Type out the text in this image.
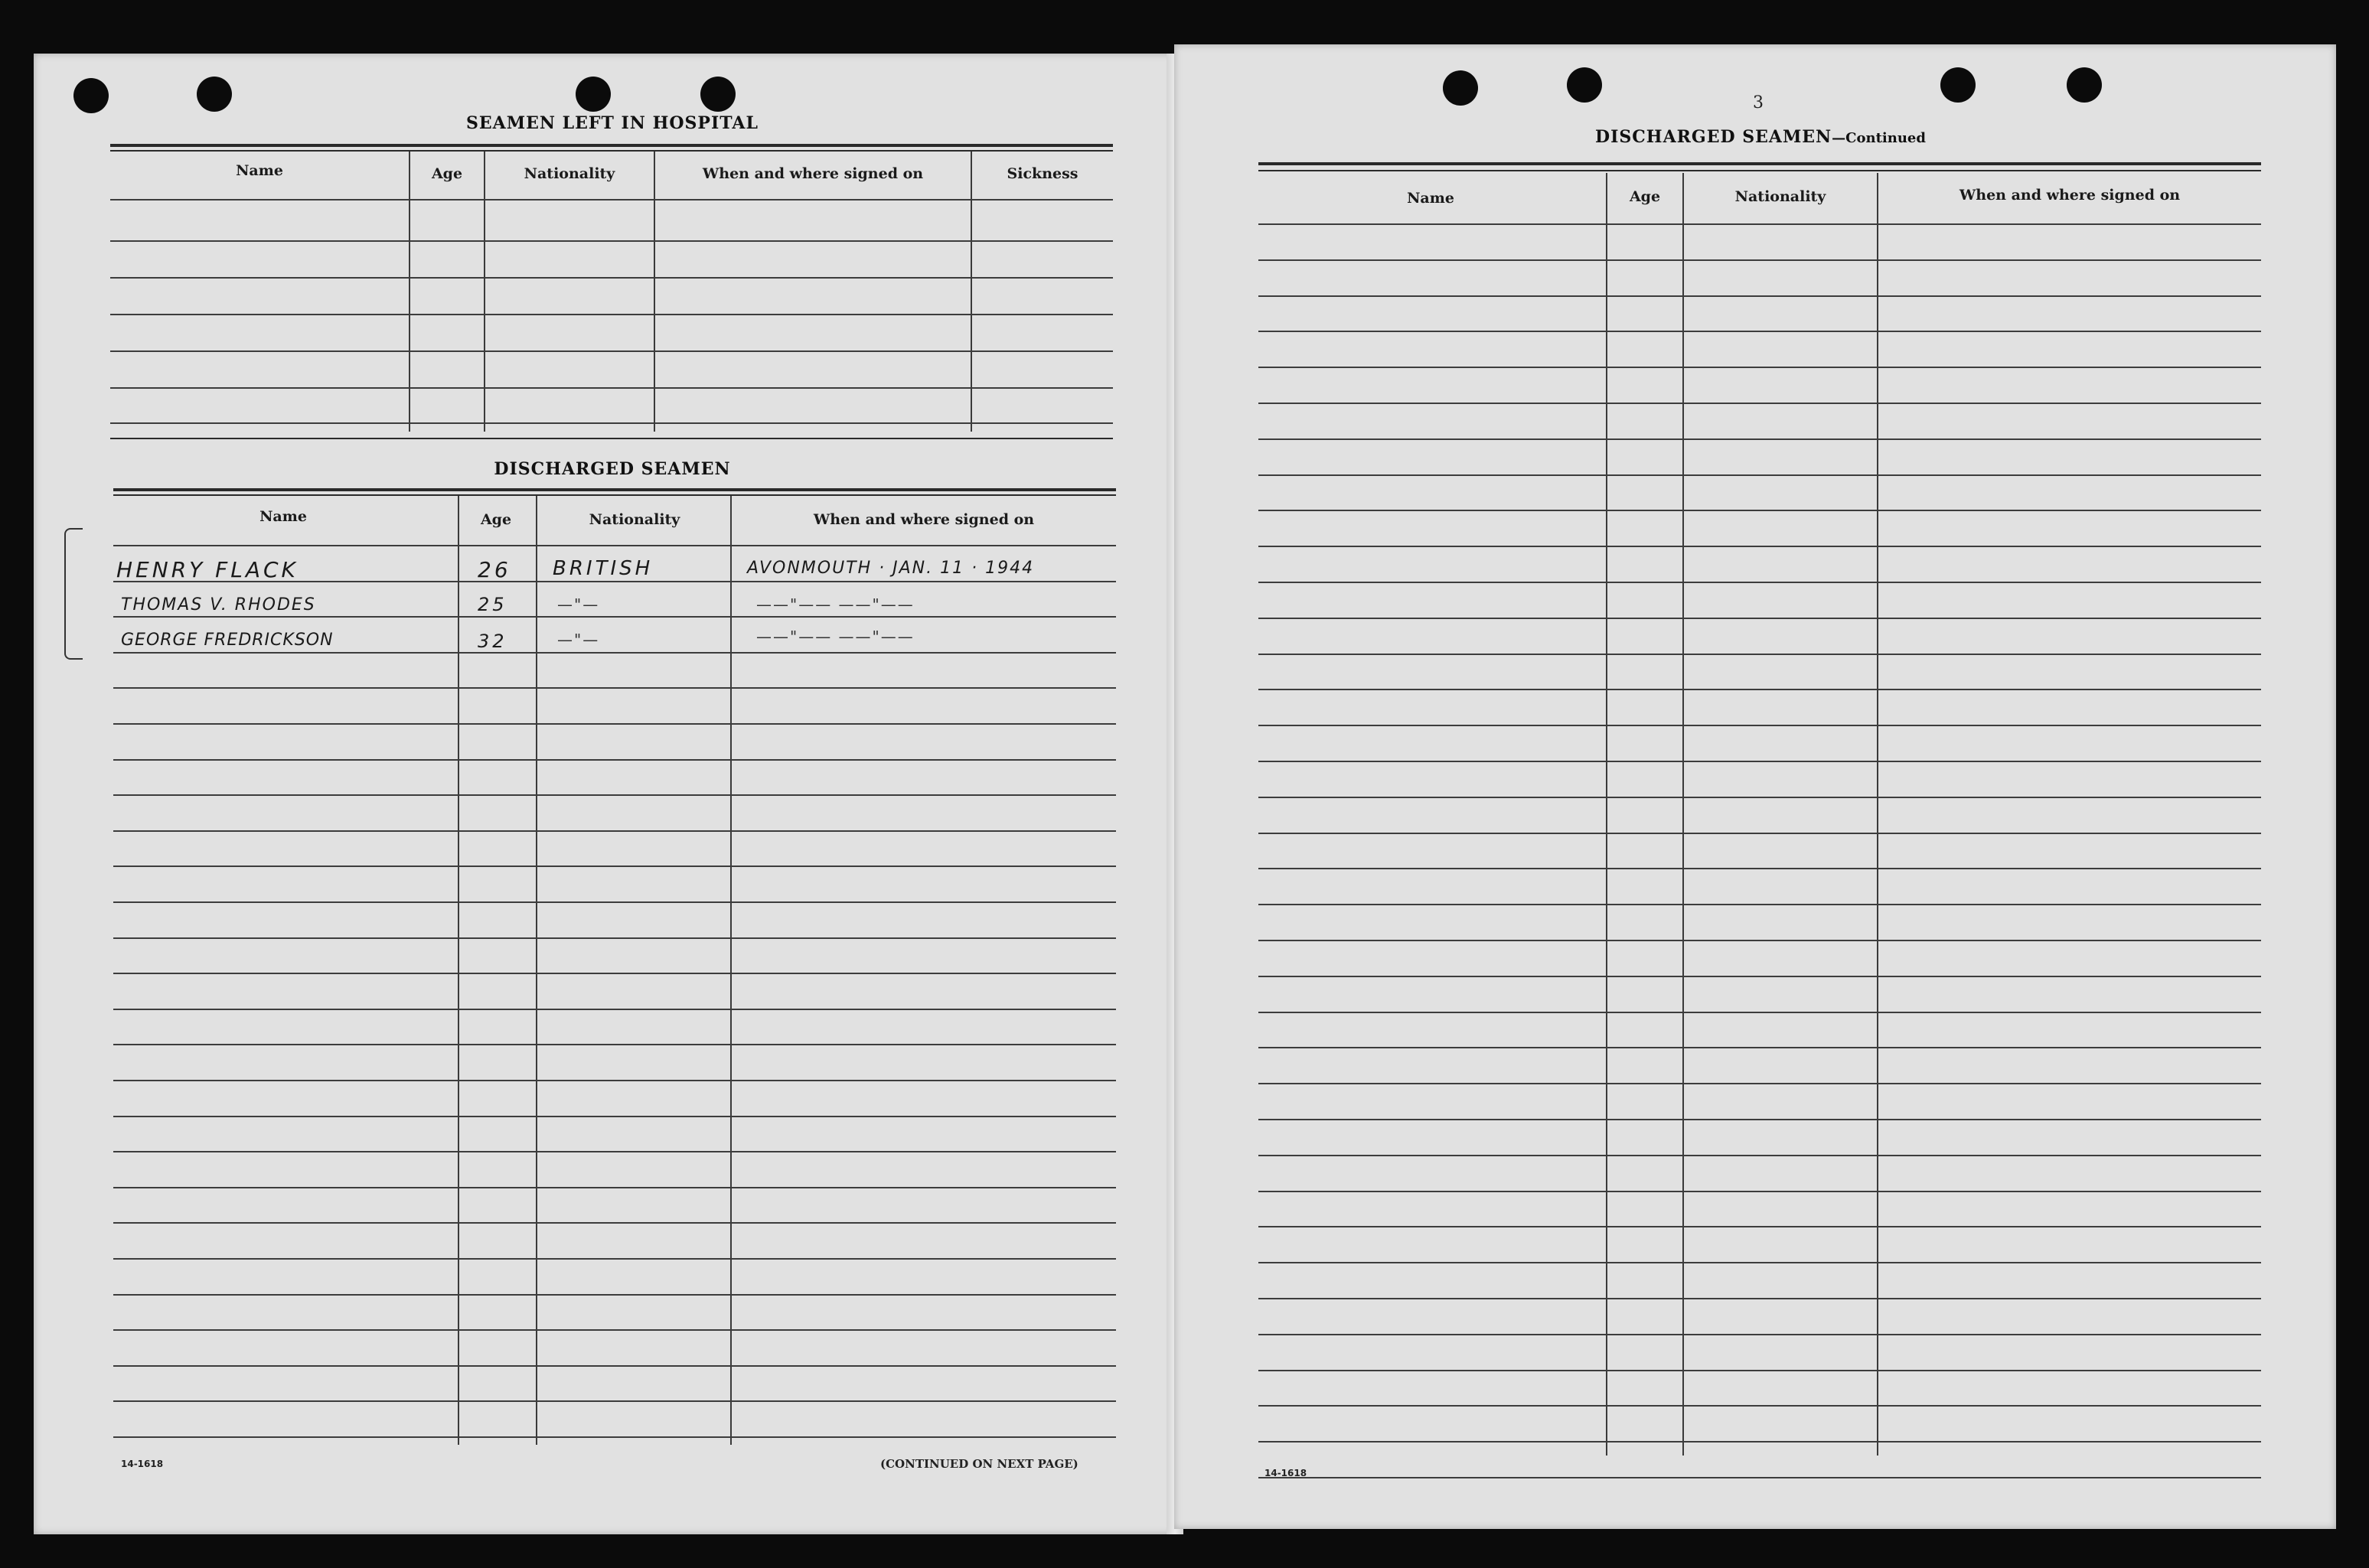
SEAMEN LEFT IN HOSPITAL
Name	Age	Nationality	When and where signed on	Sickness
DISCHARGED SEAMEN
Name	Age	Nationality	When and where signed on
HENRY FLACK	26 BRITISH	AVONMOUTH · JAN. 11 · 1944
THOMAS V. RHODES	25	—"—	——"—— ——"——
GEORGE FREDRICKSON	32	—"—	——"—— ——"——
14-1618	(CONTINUED ON NEXT PAGE)
3
DISCHARGED SEAMEN—Continued
Name	Age	Nationality	When and where signed on
14-1618
